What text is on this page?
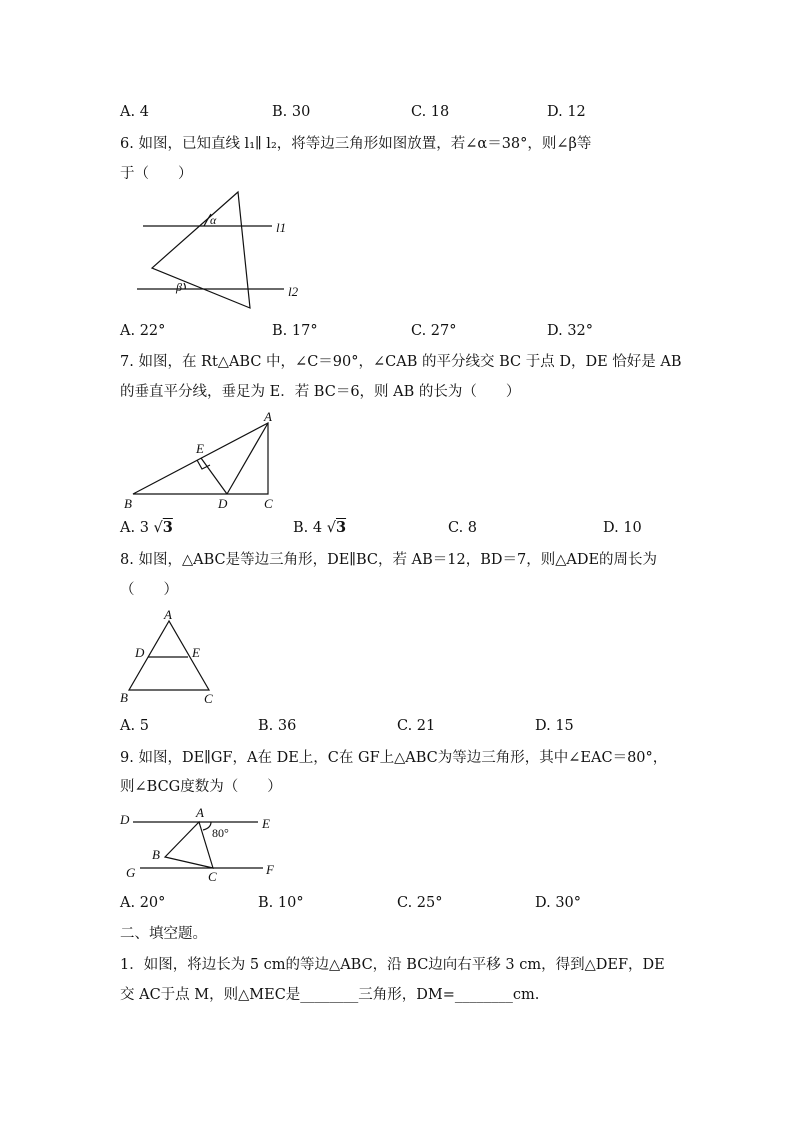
A. 4	B. 30	C. 18	D. 12
6. 如图，已知直线 l₁∥ l₂，将等边三角形如图放置，若∠α＝38°，则∠β等
于（　　）
α
β
l1
l2
A
B	C
D
E
A
B	C
D	E
A
B
C
D	E
F
G
80°
A. 22°	B. 17°	C. 27°	D. 32°
7. 如图，在 Rt△ABC 中，∠C＝90°，∠CAB 的平分线交 BC 于点 D，DE 恰好是 AB
的垂直平分线，垂足为 E．若 BC＝6，则 AB 的长为（　　）
A. 3 √3	B. 4 √3	C. 8	D. 10
8. 如图，△ABC是等边三角形，DE∥BC，若 AB＝12，BD＝7，则△ADE的周长为
（　　）
A. 5	B. 36	C. 21	D. 15
9. 如图，DE∥GF，A在 DE上，C在 GF上△ABC为等边三角形，其中∠EAC＝80°，
则∠BCG度数为（　　）
A. 20°	B. 10°	C. 25°	D. 30°
二、填空题。
1．如图，将边长为 5 cm的等边△ABC，沿 BC边向右平移 3 cm，得到△DEF，DE
交 AC于点 M，则△MEC是________三角形，DM=________cm.
